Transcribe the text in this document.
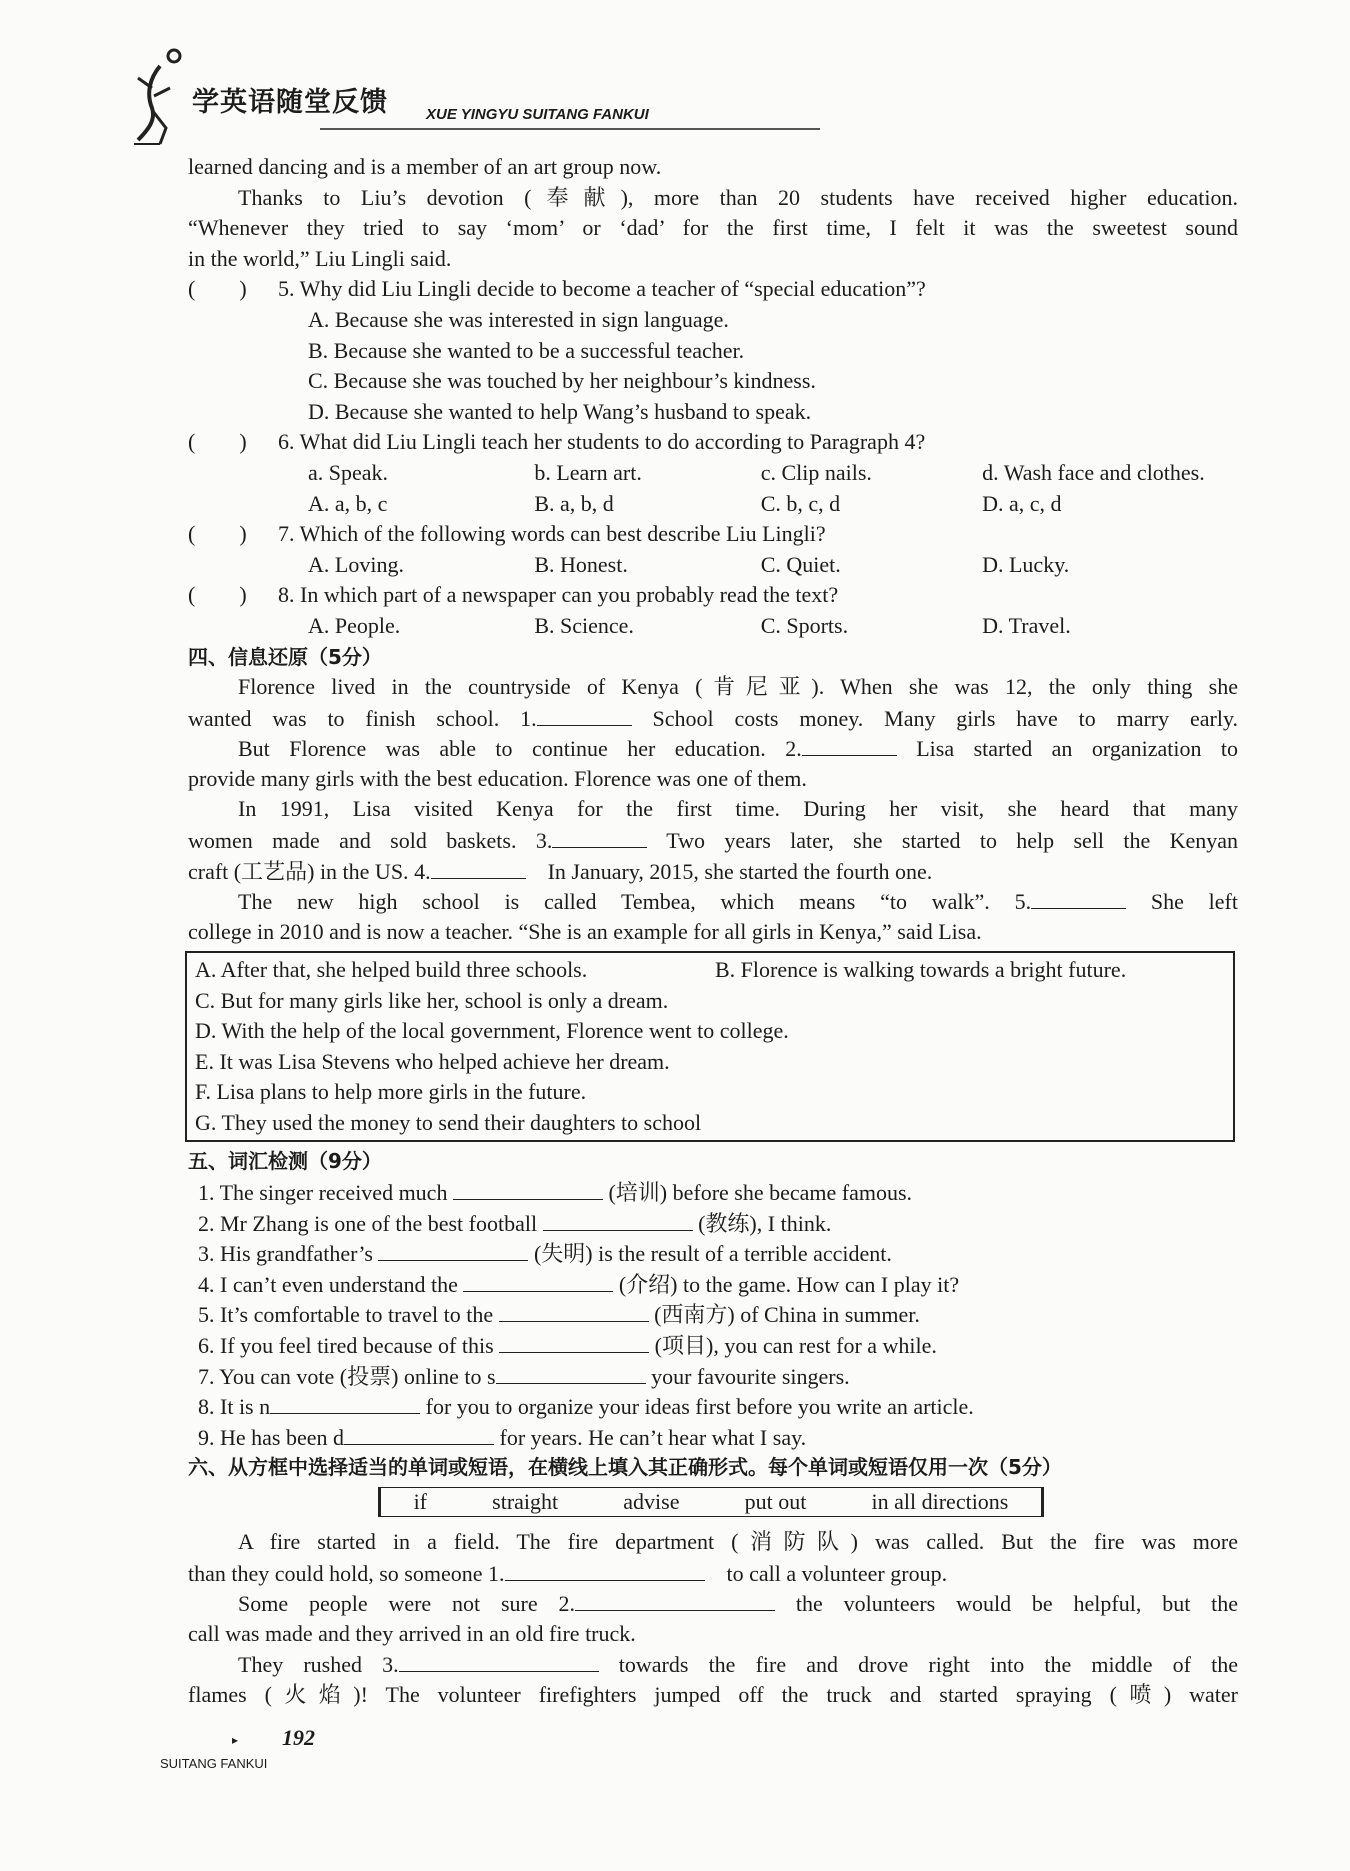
学英语随堂反馈	XUE YINGYU SUITANG FANKUI
learned dancing and is a member of an art group now.
Thanks to Liu’s devotion (奉献), more than 20 students have received higher education.
“Whenever they tried to say ‘mom’ or ‘dad’ for the first time, I felt it was the sweetest sound
in the world,” Liu Lingli said.
(　　) 5. Why did Liu Lingli decide to become a teacher of “special education”?
A. Because she was interested in sign language.
B. Because she wanted to be a successful teacher.
C. Because she was touched by her neighbour’s kindness.
D. Because she wanted to help Wang’s husband to speak.
(　　) 6. What did Liu Lingli teach her students to do according to Paragraph 4?
a. Speak.	b. Learn art.	c. Clip nails.	d. Wash face and clothes.
A. a, b, c	B. a, b, d	C. b, c, d	D. a, c, d
(　　) 7. Which of the following words can best describe Liu Lingli?
A. Loving.	B. Honest.	C. Quiet.	D. Lucky.
(　　) 8. In which part of a newspaper can you probably read the text?
A. People.	B. Science.	C. Sports.	D. Travel.
四、信息还原（5分）
Florence lived in the countryside of Kenya (肯尼亚). When she was 12, the only thing she
wanted was to finish school. 1.	School costs money. Many girls have to marry early.
But Florence was able to continue her education. 2.	Lisa started an organization to
provide many girls with the best education. Florence was one of them.
In 1991, Lisa visited Kenya for the first time. During her visit, she heard that many
women made and sold baskets. 3.	Two years later, she started to help sell the Kenyan
craft (工艺品) in the US. 4.　	In January, 2015, she started the fourth one.
The new high school is called Tembea, which means “to walk”. 5.	She left
college in 2010 and is now a teacher. “She is an example for all girls in Kenya,” said Lisa.
A. After that, she helped build three schools.	B. Florence is walking towards a bright future.
C. But for many girls like her, school is only a dream.
D. With the help of the local government, Florence went to college.
E. It was Lisa Stevens who helped achieve her dream.
F. Lisa plans to help more girls in the future.
G. They used the money to send their daughters to school
五、词汇检测（9分）
1. The singer received much	(培训) before she became famous.
2. Mr Zhang is one of the best football	(教练), I think.
3. His grandfather’s	(失明) is the result of a terrible accident.
4. I can’t even understand the	(介绍) to the game. How can I play it?
5. It’s comfortable to travel to the	(西南方) of China in summer.
6. If you feel tired because of this	(项目), you can rest for a while.
7. You can vote (投票) online to s	your favourite singers.
8. It is n	for you to organize your ideas first before you write an article.
9. He has been d	for years. He can’t hear what I say.
六、从方框中选择适当的单词或短语，在横线上填入其正确形式。每个单词或短语仅用一次（5分）
if	straight	advise	put out	in all directions
A fire started in a field. The fire department (消防队) was called. But the fire was more
than they could hold, so someone 1.　	to call a volunteer group.
Some people were not sure 2.	the volunteers would be helpful, but the
call was made and they arrived in an old fire truck.
They rushed 3.	towards the fire and drove right into the middle of the
flames (火焰)! The volunteer firefighters jumped off the truck and started spraying (喷) water
▸ 192
SUITANG FANKUI
